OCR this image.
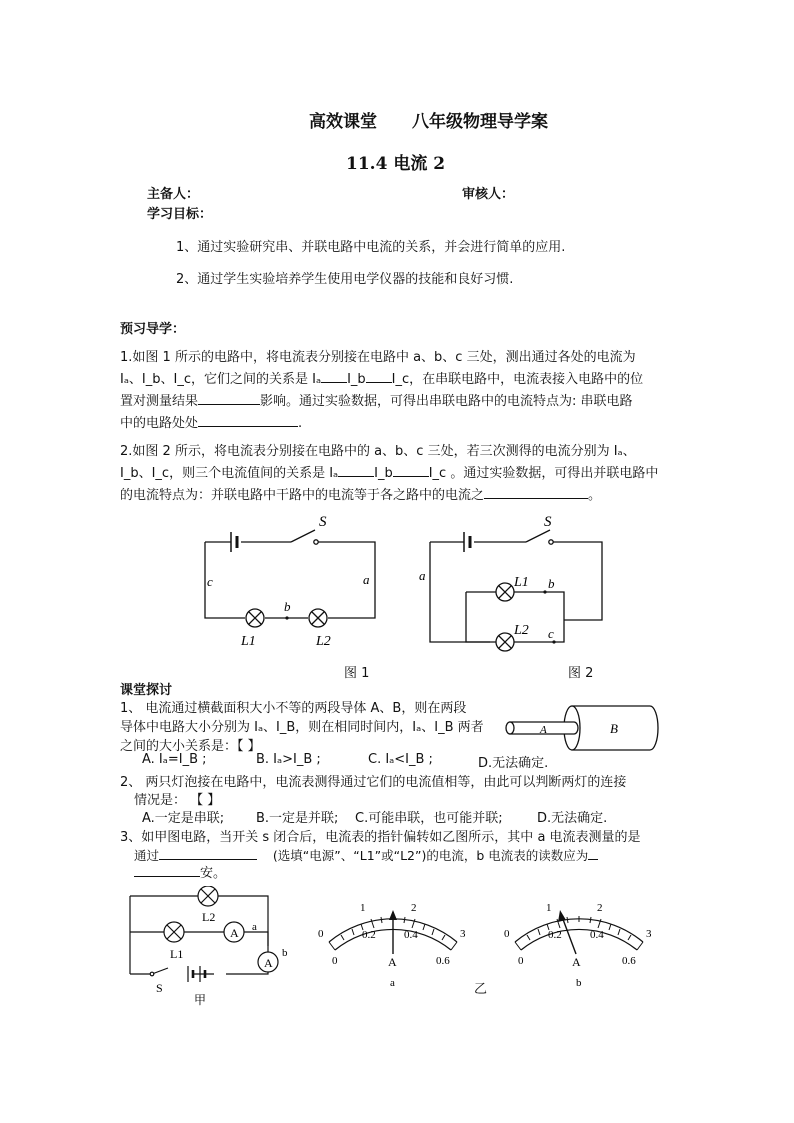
高效课堂 八年级物理导学案
11.4 电流 2
主备人：	审核人：
学习目标：
1、通过实验研究串、并联电路中电流的关系，并会进行简单的应用.
2、通过学生实验培养学生使用电学仪器的技能和良好习惯.
预习导学：
1.如图 1 所示的电路中，将电流表分别接在电路中 a、b、c 三处，测出通过各处的电流为
Iₐ、I_b、I_c，它们之间的关系是 Iₐ I_b I_c，在串联电路中，电流表接入电路中的位
置对测量结果	影响。通过实验数据，可得出串联电路中的电流特点为: 串联电路
中的电路处处	.
2.如图 2 所示，将电流表分别接在电路中的 a、b、c 三处，若三次测得的电流分别为 Iₐ、
I_b、I_c，则三个电流值间的关系是 Iₐ	I_b	I_c 。通过实验数据，可得出并联电路中
的电流特点为：并联电路中干路中的电流等于各之路中的电流之	。
S
c	a
b
L1	L2
图 1
S
a
b
c
L1
L2
图 2
课堂探讨
1、 电流通过横截面积大小不等的两段导体 A、B，则在两段
导体中电路大小分别为 Iₐ、I_B，则在相同时间内，Iₐ、I_B 两者
之间的大小关系是：【 】
A. Iₐ=I_B ;	B. Iₐ>I_B ;	C. Iₐ<I_B ;	D.无法确定.
A	B
2、 两只灯泡接在电路中，电流表测得通过它们的电流值相等，由此可以判断两灯的连接
情况是： 【 】
A.一定是串联; B.一定是并联; C.可能串联，也可能并联;	D.无法确定.
3、如甲图电路，当开关 s 闭合后，电流表的指针偏转如乙图所示，其中 a 电流表测量的是
通过	(选填“电源”、“L1”或“L2”)的电流，b 电流表的读数应为
安。
A
A
L2
L1
a
b
S
甲
0
1	2
3
0
0.2	0.4
0.6
A
a
0
1	2
3
0
0.2	0.4
0.6
A
b
乙
